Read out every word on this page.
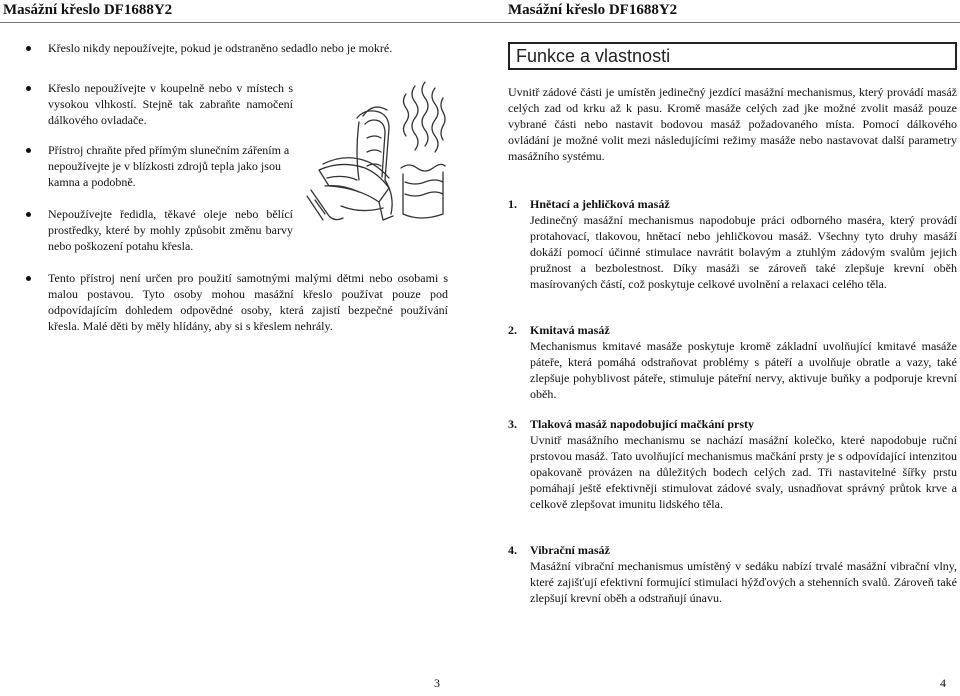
Masážní křeslo DF1688Y2
Křeslo nikdy nepoužívejte, pokud je odstraněno sedadlo nebo je mokré.
Křeslo nepoužívejte v koupelně nebo v místech s vysokou vlhkostí. Stejně tak zabraňte namočení dálkového ovladače.
Přístroj chraňte před přímým slunečním zářením a nepoužívejte je v blízkosti zdrojů tepla jako jsou kamna a podobně.
Nepoužívejte ředidla, těkavé oleje nebo bělící prostředky, které by mohly způsobit změnu barvy nebo poškození potahu křesla.
Tento přístroj není určen pro použití samotnými malými dětmi nebo osobami s malou postavou. Tyto osoby mohou masážní křeslo používat pouze pod odpovídajícím dohledem odpovědné osoby, která zajistí bezpečné používání křesla. Malé děti by měly hlídány, aby si s křeslem nehrály.
3
Masážní křeslo DF1688Y2
Funkce a vlastnosti

Uvnitř zádové části je umístěn jedinečný jezdící masážní mechanismus, který provádí masáž celých zad od krku až k pasu. Kromě masáže celých zad jke možné zvolit masáž pouze vybrané části nebo nastavit bodovou masáž požadovaného místa. Pomocí dálkového ovládání je možné volit mezi následujícími režimy masáže nebo nastavovat další parametry masážního systému.

1. Hnětací a jehličková masáž
Jedinečný masážní mechanismus napodobuje práci odborného maséra, který provádí protahovací, tlakovou, hnětací nebo jehličkovou masáž. Všechny tyto druhy masáží dokáží pomocí účinné stimulace navrátit bolavým a ztuhlým zádovým svalům jejich pružnost a bezbolestnost. Díky masáži se zároveň také zlepšuje krevní oběh masírovaných částí, což poskytuje celkové uvolnění a relaxaci celého těla.
2. Kmitavá masáž
Mechanismus kmitavé masáže poskytuje kromě základní uvolňující kmitavé masáže páteře, která pomáhá odstraňovat problémy s páteří a uvolňuje obratle a vazy, také zlepšuje pohyblivost páteře, stimuluje páteřní nervy, aktivuje buňky a podporuje krevní oběh.
3. Tlaková masáž napodobující mačkání prsty
Uvnitř masážního mechanismu se nachází masážní kolečko, které napodobuje ruční prstovou masáž. Tato uvolňující mechanismus mačkání prsty je s odpovídající intenzitou opakovaně provázen na důležitých bodech celých zad. Tři nastavitelné šířky prstu pomáhají ještě efektivněji stimulovat zádové svaly, usnadňovat správný průtok krve a celkově zlepšovat imunitu lidského těla.
4. Vibrační masáž
Masážní vibrační mechanismus umístěný v sedáku nabízí trvalé masážní vibrační vlny, které zajišťují efektivní formující stimulaci hýžďových a stehenních svalů. Zároveň také zlepšují krevní oběh a odstraňují únavu.
4
